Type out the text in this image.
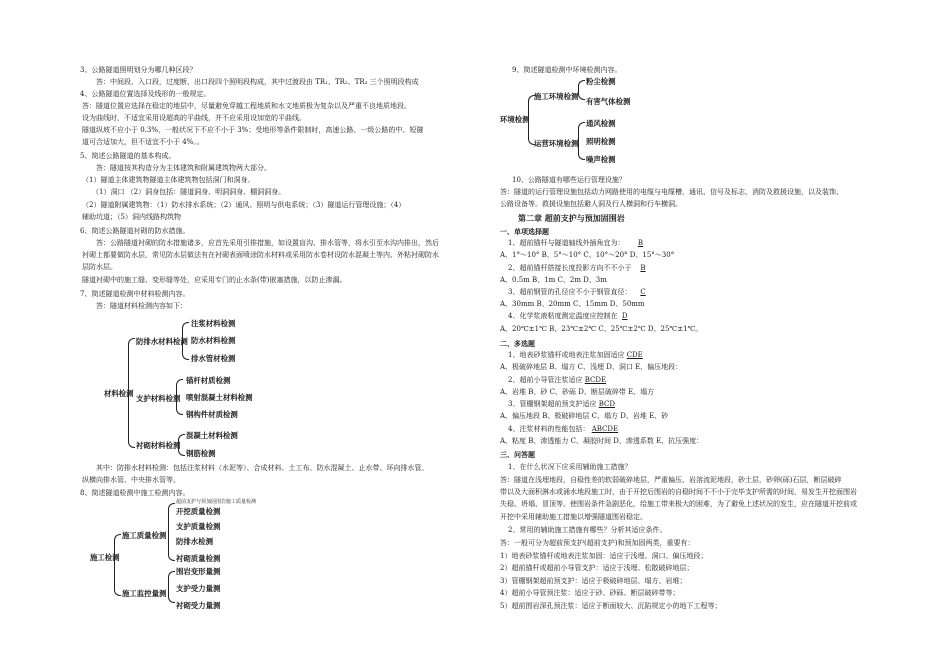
3、公路隧道照明划分为哪几种区段？
答：中间段、入口段，过度断、出口段四个照明段构成，其中过渡段由 TR₁、TR₂、TR₃ 三个照明段构成
4、公路隧道位置选择及线形的一般规定。
答：隧道位置应选择在稳定的地层中，尽量避免穿越工程地质和水文地质极为复杂以及严重不良地质地段。
设为曲线时，不适宜采用设超高的平曲线，并不应采用设加宽的平曲线。
隧道纵坡不应小于 0.3%，一般状况下不应不小于 3%；受地形等条件限制时，高速公路、一级公路的中、短隧
道可合适加大，但不适宜不小于 4%。。
5、简述公路隧道的基本构成。
答：隧道按其构造分为主体建筑和附属建筑物两大部分。
（1）隧道主体建筑物隧道主体建筑物包括洞门和洞身。
（1）洞口 （2）洞身包括：隧道洞身、明洞洞身、棚洞洞身。
（2）隧道附属建筑物：（1）防水排水系统；（2）通风、照明与供电系统；（3）隧道运行管理设施；（4）
辅助坑道；（5）洞内线路构筑物
6、简述公路隧道衬砌的防水措施。
答：公路隧道衬砌的防水措施诸多，应首先采用引排措施，如设置盲沟、排水管等，将水引至水沟内排出，然后
衬砌上都要做防水层，常见防水层做法有在衬砌表面喷涂防水材料或采用防水卷材设防水混凝土等内、外粘衬砌防水
层防水层。
隧道衬砌中的施工缝、变形缝等处，应采用专门的止水条(带)嵌塞措施，以防止渗漏。
7、简述隧道检测中材料检测内容。
答：隧道材料检测内容如下：
材料检测
防排水材料检测
支护材料检测
衬砌材料检测
注浆材料检测
防水材料检测
排水管材检测
锚杆材质检测
喷射混凝土材料检测
钢构件材质检测
混凝土材料检测
钢筋检测
其中：防排水材料检测：包括注浆材料（水泥等）、合成材料、土工布、防水混凝土、止水带、环向排水管、
纵横向排水管、中央排水管等。
8、简述隧道检测中施工检测内容。
施工检测
施工质量检测
施工监控量测
超前支护与预加固围岩施工质量检测
开挖质量检测
支护质量检测
防排水检测
衬砌质量检测
围岩变形量测
支护受力量测
衬砌受力量测
9、简述隧道检测中环境检测内容。
环境检测
施工环境检测
运营环境检测
粉尘检测
有害气体检测
通风检测
照明检测
噪声检测
10、公路隧道有哪些运行管理设施？
答：隧道的运行管理设施包括动力网路使用的电缆与电缆槽，通讯、信号及标志，消防及救援设施，以及装饰、
公路设备等。救援设施包括避人洞及行人横洞和行车横洞。
第二章 超前支护与预加固围岩
一、单项选择题
1、超前锚杆与隧道轴线外插角宜为： B
A、1°～10° B、5°～10° C、10°～20° D、15°～30°
2、超前锚杆搭接长度投影方向不不小于 B
A、0.5m B、1m C、2m D、3m
3、超前钢管的孔径应不小于钢管直径： C
A、30mm B、20mm C、15mm D、50mm
4、化学浆液粘度测定温度应控制在 D
A、20℃±1℃ B、23℃±2℃ C、25℃±2℃ D、25℃±1℃。
二、多选题
1、地表砂浆锚杆或地表注浆加固适应 CDE
A、极破碎地层 B、塌方 C、浅埋 D、洞口 E、偏压地段：
2、超前小导管注浆适应 BCDE
A、岩堆 B、砂 C、砂砾 D、断层破碎带 E、塌方
3、管棚钢架超前预支护适应 BCD
A、偏压地段 B、极破碎地层 C、塌方 D、岩堆 E、砂
4、注浆材料的性能包括： ABCDE
A、粘度 B、渗透能力 C、凝胶时间 D、渗透系数 E、抗压强度：
三、问答题
1、在什么状况下应采用辅助施工措施？
答：隧道在浅埋地段，自稳性差的软弱破碎地层，严重偏压、岩溶流泥地段，砂土层，砂卵(砾)石层，断层破碎
带以及大面积淋水或涌水地段施工时，由于开挖后围岩的自稳时间不不小于完毕支护所需的时间，易发生开挖面围岩
失稳、坍塌、冒顶等。使围岩条件急剧恶化，给施工带来极大的困难，为了避免上述状况的发生，应在隧道开挖前或
开挖中采用辅助施工措施以增强隧道围岩稳定。
2、常用的辅助施工措施有哪些？分析其适应条件。
答：一般可分为超前预支护(超前支护)和预加固两类，重要有：
1）地表砂浆锚杆或地表注浆加固：适应于浅埋、洞口、偏压地段；
2）超前锚杆或超前小导管支护：适应于浅埋、松散破碎地层；
3）管棚钢架超前预支护：适应于极破碎地层、塌方、岩堆；
4）超前小导管预注浆：适应于砂、砂砾、断层破碎带等；
5）超前围岩深孔预注浆：适应于断面较大、沉陷规定小的地下工程等；
